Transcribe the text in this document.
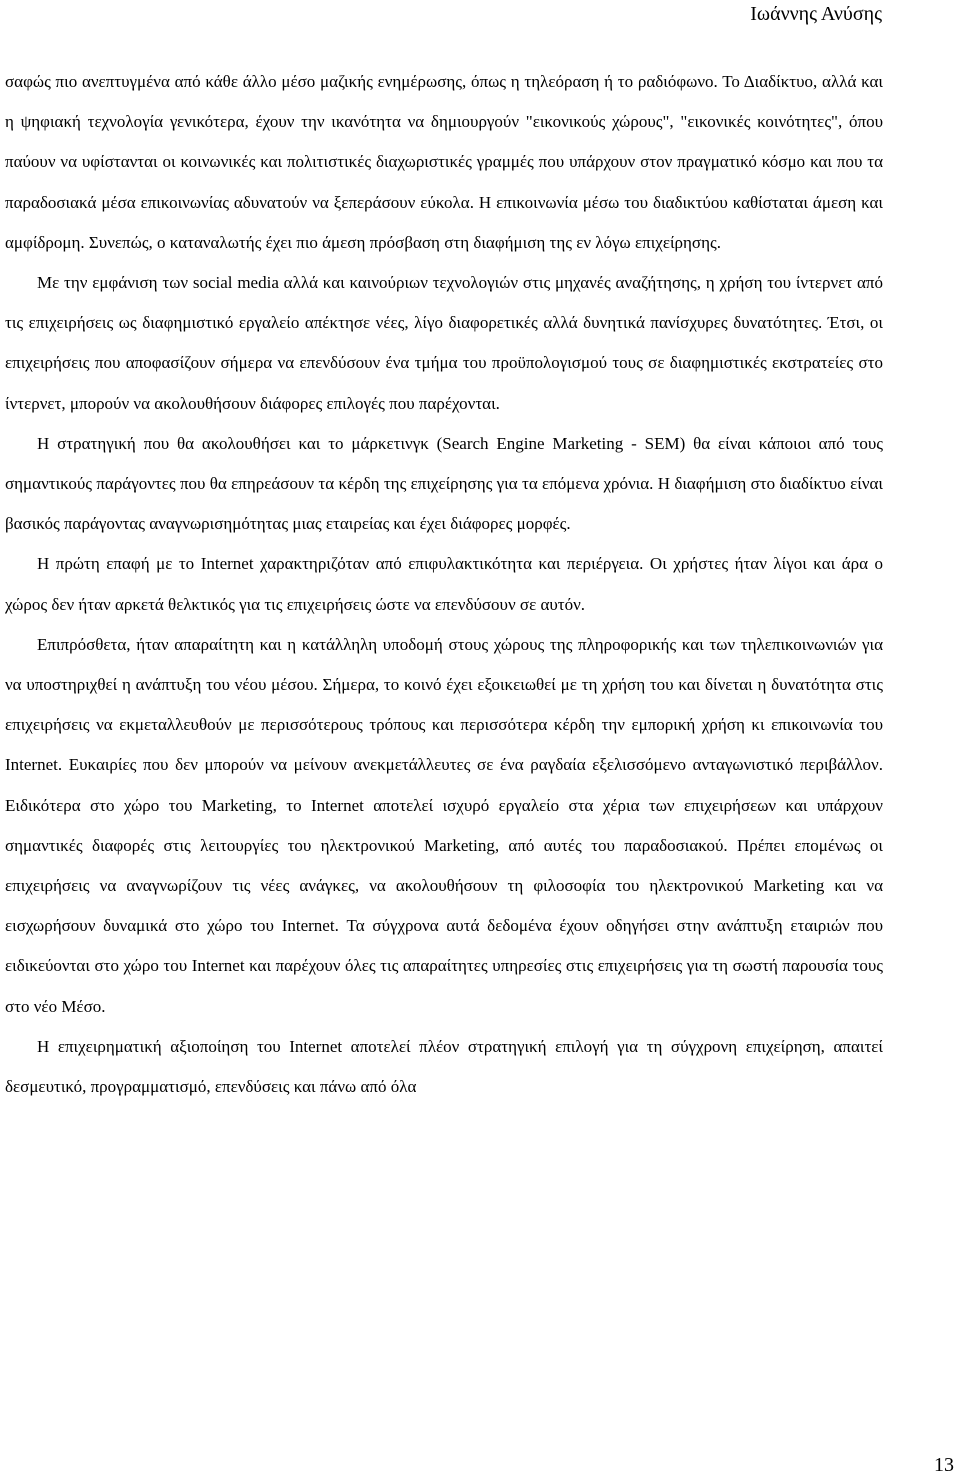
Ιωάννης Ανύσης

σαφώς πιο ανεπτυγμένα από κάθε άλλο μέσο μαζικής ενημέρωσης, όπως η τηλεόραση ή το ραδιόφωνο. Το Διαδίκτυο, αλλά και η ψηφιακή τεχνολογία γενικότερα, έχουν την ικανότητα να δημιουργούν "εικονικούς χώρους", "εικονικές κοινότητες", όπου παύουν να υφίστανται οι κοινωνικές και πολιτιστικές διαχωριστικές γραμμές που υπάρχουν στον πραγματικό κόσμο και που τα παραδοσιακά μέσα επικοινωνίας αδυνατούν να ξεπεράσουν εύκολα. Η επικοινωνία μέσω του διαδικτύου καθίσταται άμεση και αμφίδρομη. Συνεπώς, ο καταναλωτής έχει πιο άμεση πρόσβαση στη διαφήμιση της εν λόγω επιχείρησης.

Με την εμφάνιση των social media αλλά και καινούριων τεχνολογιών στις μηχανές αναζήτησης, η χρήση του ίντερνετ από τις επιχειρήσεις ως διαφημιστικό εργαλείο απέκτησε νέες, λίγο διαφορετικές αλλά δυνητικά πανίσχυρες δυνατότητες. Έτσι, οι επιχειρήσεις που αποφασίζουν σήμερα να επενδύσουν ένα τμήμα του προϋπολογισμού τους σε διαφημιστικές εκστρατείες στο ίντερνετ, μπορούν να ακολουθήσουν διάφορες επιλογές που παρέχονται.

Η στρατηγική που θα ακολουθήσει και το μάρκετινγκ (Search Engine Marketing - SEM) θα είναι κάποιοι από τους σημαντικούς παράγοντες που θα επηρεάσουν τα κέρδη της επιχείρησης για τα επόμενα χρόνια. Η διαφήμιση στο διαδίκτυο είναι βασικός παράγοντας αναγνωρισημότητας μιας εταιρείας και έχει διάφορες μορφές.

Η πρώτη επαφή με το Internet χαρακτηριζόταν από επιφυλακτικότητα και περιέργεια. Οι χρήστες ήταν λίγοι και άρα ο χώρος δεν ήταν αρκετά θελκτικός για τις επιχειρήσεις ώστε να επενδύσουν σε αυτόν.

Επιπρόσθετα, ήταν απαραίτητη και η κατάλληλη υποδομή στους χώρους της πληροφορικής και των τηλεπικοινωνιών για να υποστηριχθεί η ανάπτυξη του νέου μέσου. Σήμερα, το κοινό έχει εξοικειωθεί με τη χρήση του και δίνεται η δυνατότητα στις επιχειρήσεις να εκμεταλλευθούν με περισσότερους τρόπους και περισσότερα κέρδη την εμπορική χρήση κι επικοινωνία του Internet. Ευκαιρίες που δεν μπορούν να μείνουν ανεκμετάλλευτες σε ένα ραγδαία εξελισσόμενο ανταγωνιστικό περιβάλλον. Ειδικότερα στο χώρο του Marketing, το Internet αποτελεί ισχυρό εργαλείο στα χέρια των επιχειρήσεων και υπάρχουν σημαντικές διαφορές στις λειτουργίες του ηλεκτρονικού Marketing, από αυτές του παραδοσιακού. Πρέπει επομένως οι επιχειρήσεις να αναγνωρίζουν τις νέες ανάγκες, να ακολουθήσουν τη φιλοσοφία του ηλεκτρονικού Marketing και να εισχωρήσουν δυναμικά στο χώρο του Internet. Τα σύγχρονα αυτά δεδομένα έχουν οδηγήσει στην ανάπτυξη εταιριών που ειδικεύονται στο χώρο του Internet και παρέχουν όλες τις απαραίτητες υπηρεσίες στις επιχειρήσεις για τη σωστή παρουσία τους στο νέο Μέσο.

Η επιχειρηματική αξιοποίηση του Internet αποτελεί πλέον στρατηγική επιλογή για τη σύγχρονη επιχείρηση, απαιτεί δεσμευτικό, προγραμματισμό, επενδύσεις και πάνω από όλα

13
